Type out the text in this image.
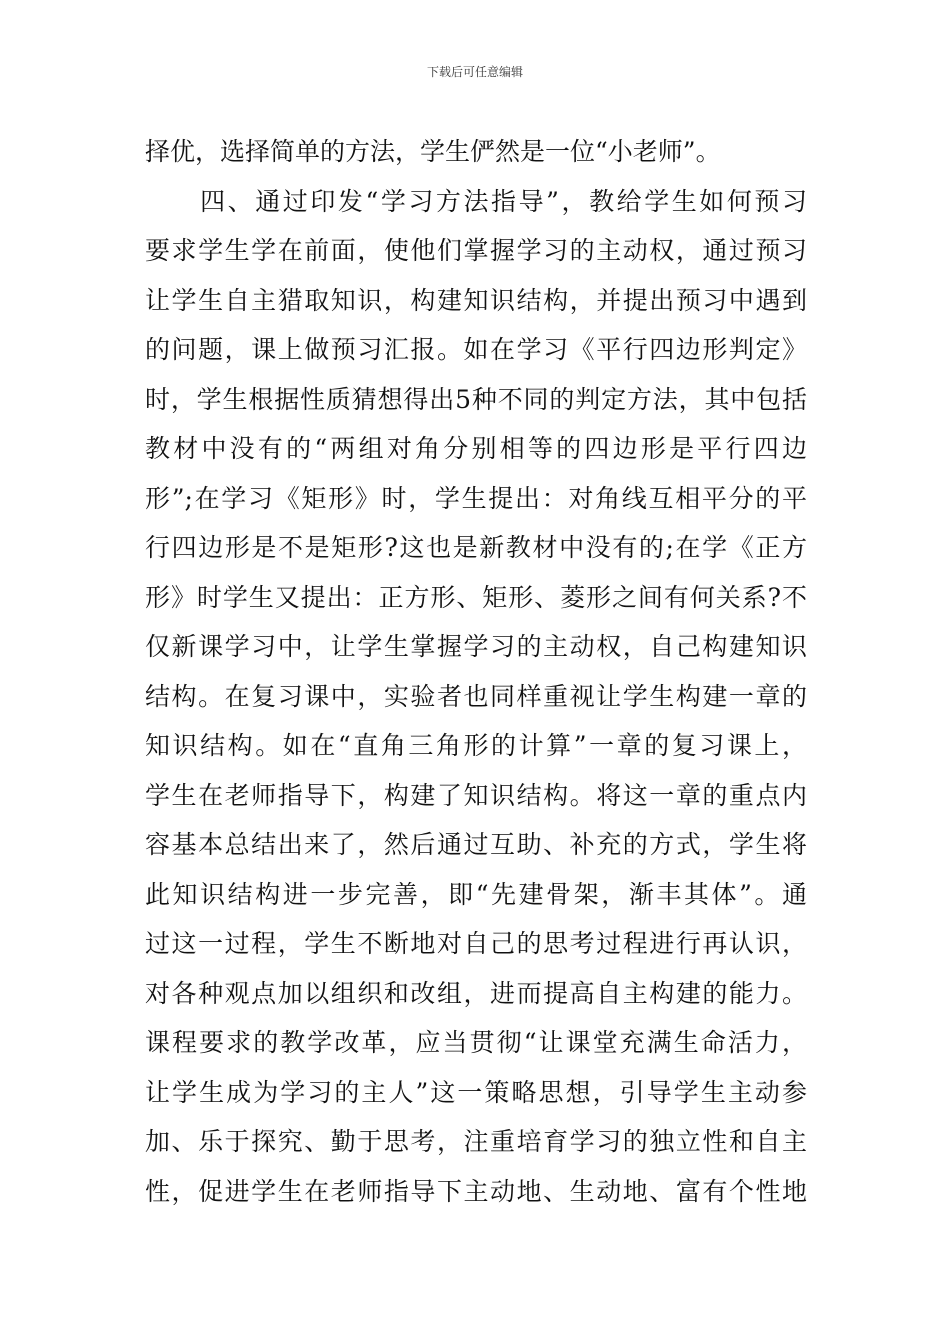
下载后可任意编辑
择优，选择简单的方法，学生俨然是一位“小老师”。
　　四、通过印发“学习方法指导”，教给学生如何预习
要求学生学在前面，使他们掌握学习的主动权，通过预习
让学生自主猎取知识，构建知识结构，并提出预习中遇到
的问题，课上做预习汇报。如在学习《平行四边形判定》
时，学生根据性质猜想得出5种不同的判定方法，其中包括
教材中没有的“两组对角分别相等的四边形是平行四边
形”;在学习《矩形》时，学生提出：对角线互相平分的平
行四边形是不是矩形?这也是新教材中没有的;在学《正方
形》时学生又提出：正方形、矩形、菱形之间有何关系?不
仅新课学习中，让学生掌握学习的主动权，自己构建知识
结构。在复习课中，实验者也同样重视让学生构建一章的
知识结构。如在“直角三角形的计算”一章的复习课上，
学生在老师指导下，构建了知识结构。将这一章的重点内
容基本总结出来了，然后通过互助、补充的方式，学生将
此知识结构进一步完善，即“先建骨架，渐丰其体”。通
过这一过程，学生不断地对自己的思考过程进行再认识，
对各种观点加以组织和改组，进而提高自主构建的能力。
课程要求的教学改革，应当贯彻“让课堂充满生命活力，
让学生成为学习的主人”这一策略思想，引导学生主动参
加、乐于探究、勤于思考，注重培育学习的独立性和自主
性，促进学生在老师指导下主动地、生动地、富有个性地
